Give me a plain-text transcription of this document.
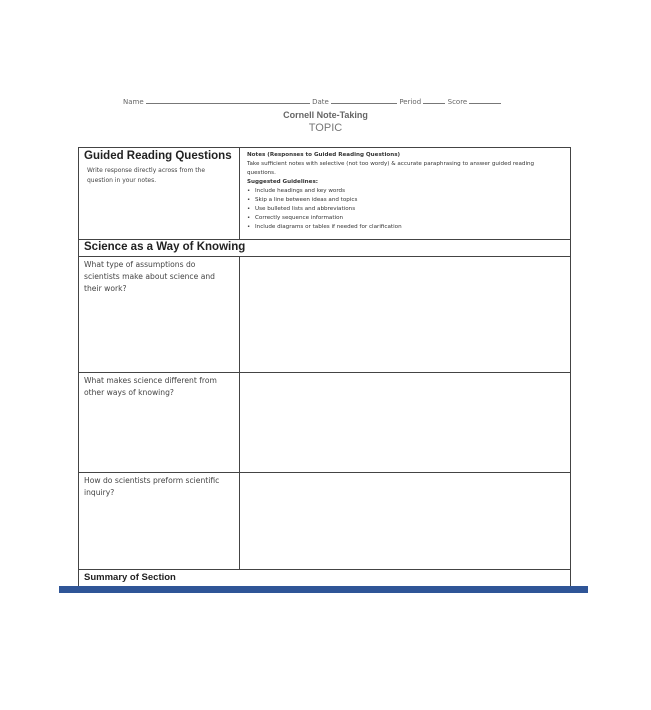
Name	Date	Period	Score
Cornell Note-Taking
TOPIC
Guided Reading Questions
Write response directly across from the question in your notes.
Notes (Responses to Guided Reading Questions)
Take sufficient notes with selective (not too wordy) & accurate paraphrasing to answer guided reading questions.
Suggested Guidelines:
• Include headings and key words
• Skip a line between ideas and topics
• Use bulleted lists and abbreviations
• Correctly sequence information
• Include diagrams or tables if needed for clarification
Science as a Way of Knowing
What type of assumptions do scientists make about science and their work?
What makes science different from other ways of knowing?
How do scientists preform scientific inquiry?
Summary of Section
